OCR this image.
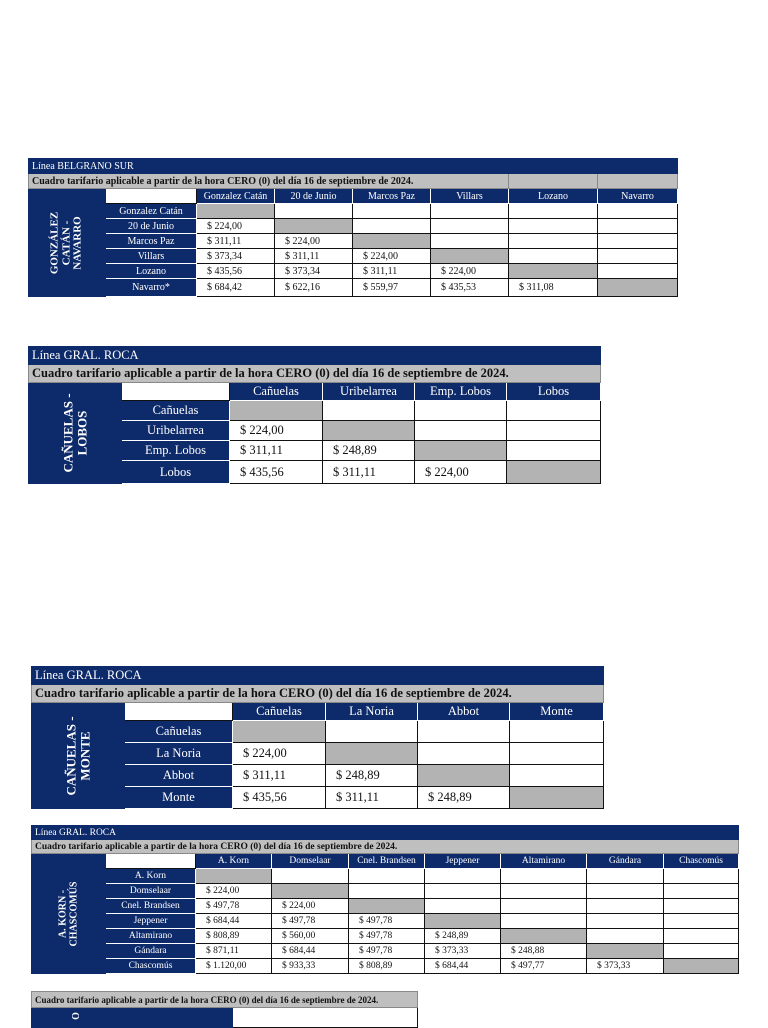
Línea BELGRANO SUR							
Cuadro tarifario aplicable a partir de la hora CERO (0) del día 16 de septiembre de 2024.							

GONZÁLEZ
CATÁN -
NAVARRO		Gonzalez Catán	20 de Junio	Marcos Paz	Villars	Lozano	Navarro
	Gonzalez Catán						
	20 de Junio	$ 224,00					
	Marcos Paz	$ 311,11	$ 224,00				
	Villars	$ 373,34	$ 311,11	$ 224,00			
	Lozano	$ 435,56	$ 373,34	$ 311,11	$ 224,00		
	Navarro*	$ 684,42	$ 622,16	$ 559,97	$ 435,53	$ 311,08	
Línea GRAL. ROCA					
Cuadro tarifario aplicable a partir de la hora CERO (0) del día 16 de septiembre de 2024.					

CAÑUELAS -
LOBOS		Cañuelas	Uribelarrea	Emp. Lobos	Lobos
	Cañuelas				
	Uribelarrea	$ 224,00			
	Emp. Lobos	$ 311,11	$ 248,89		
	Lobos	$ 435,56	$ 311,11	$ 224,00	
Línea GRAL. ROCA					
Cuadro tarifario aplicable a partir de la hora CERO (0) del día 16 de septiembre de 2024.					

CAÑUELAS -
MONTE		Cañuelas	La Noria	Abbot	Monte
	Cañuelas				
	La Noria	$ 224,00			
	Abbot	$ 311,11	$ 248,89		
	Monte	$ 435,56	$ 311,11	$ 248,89	
Línea GRAL. ROCA								
Cuadro tarifario aplicable a partir de la hora CERO (0) del día 16 de septiembre de 2024.								

A. KORN -
CHASCOMÚS		A. Korn	Domselaar	Cnel. Brandsen	Jeppener	Altamirano	Gándara	Chascomús
	A. Korn							
	Domselaar	$ 224,00						
	Cnel. Brandsen	$ 497,78	$ 224,00					
	Jeppener	$ 684,44	$ 497,78	$ 497,78				
	Altamirano	$ 808,89	$ 560,00	$ 497,78	$ 248,89			
	Gándara	$ 871,11	$ 684,44	$ 497,78	$ 373,33	$ 248,88		
	Chascomús	$ 1.120,00	$ 933,33	$ 808,89	$ 684,44	$ 497,77	$ 373,33	
Cuadro tarifario aplicable a partir de la hora CERO (0) del día 16 de septiembre de 2024.

O
